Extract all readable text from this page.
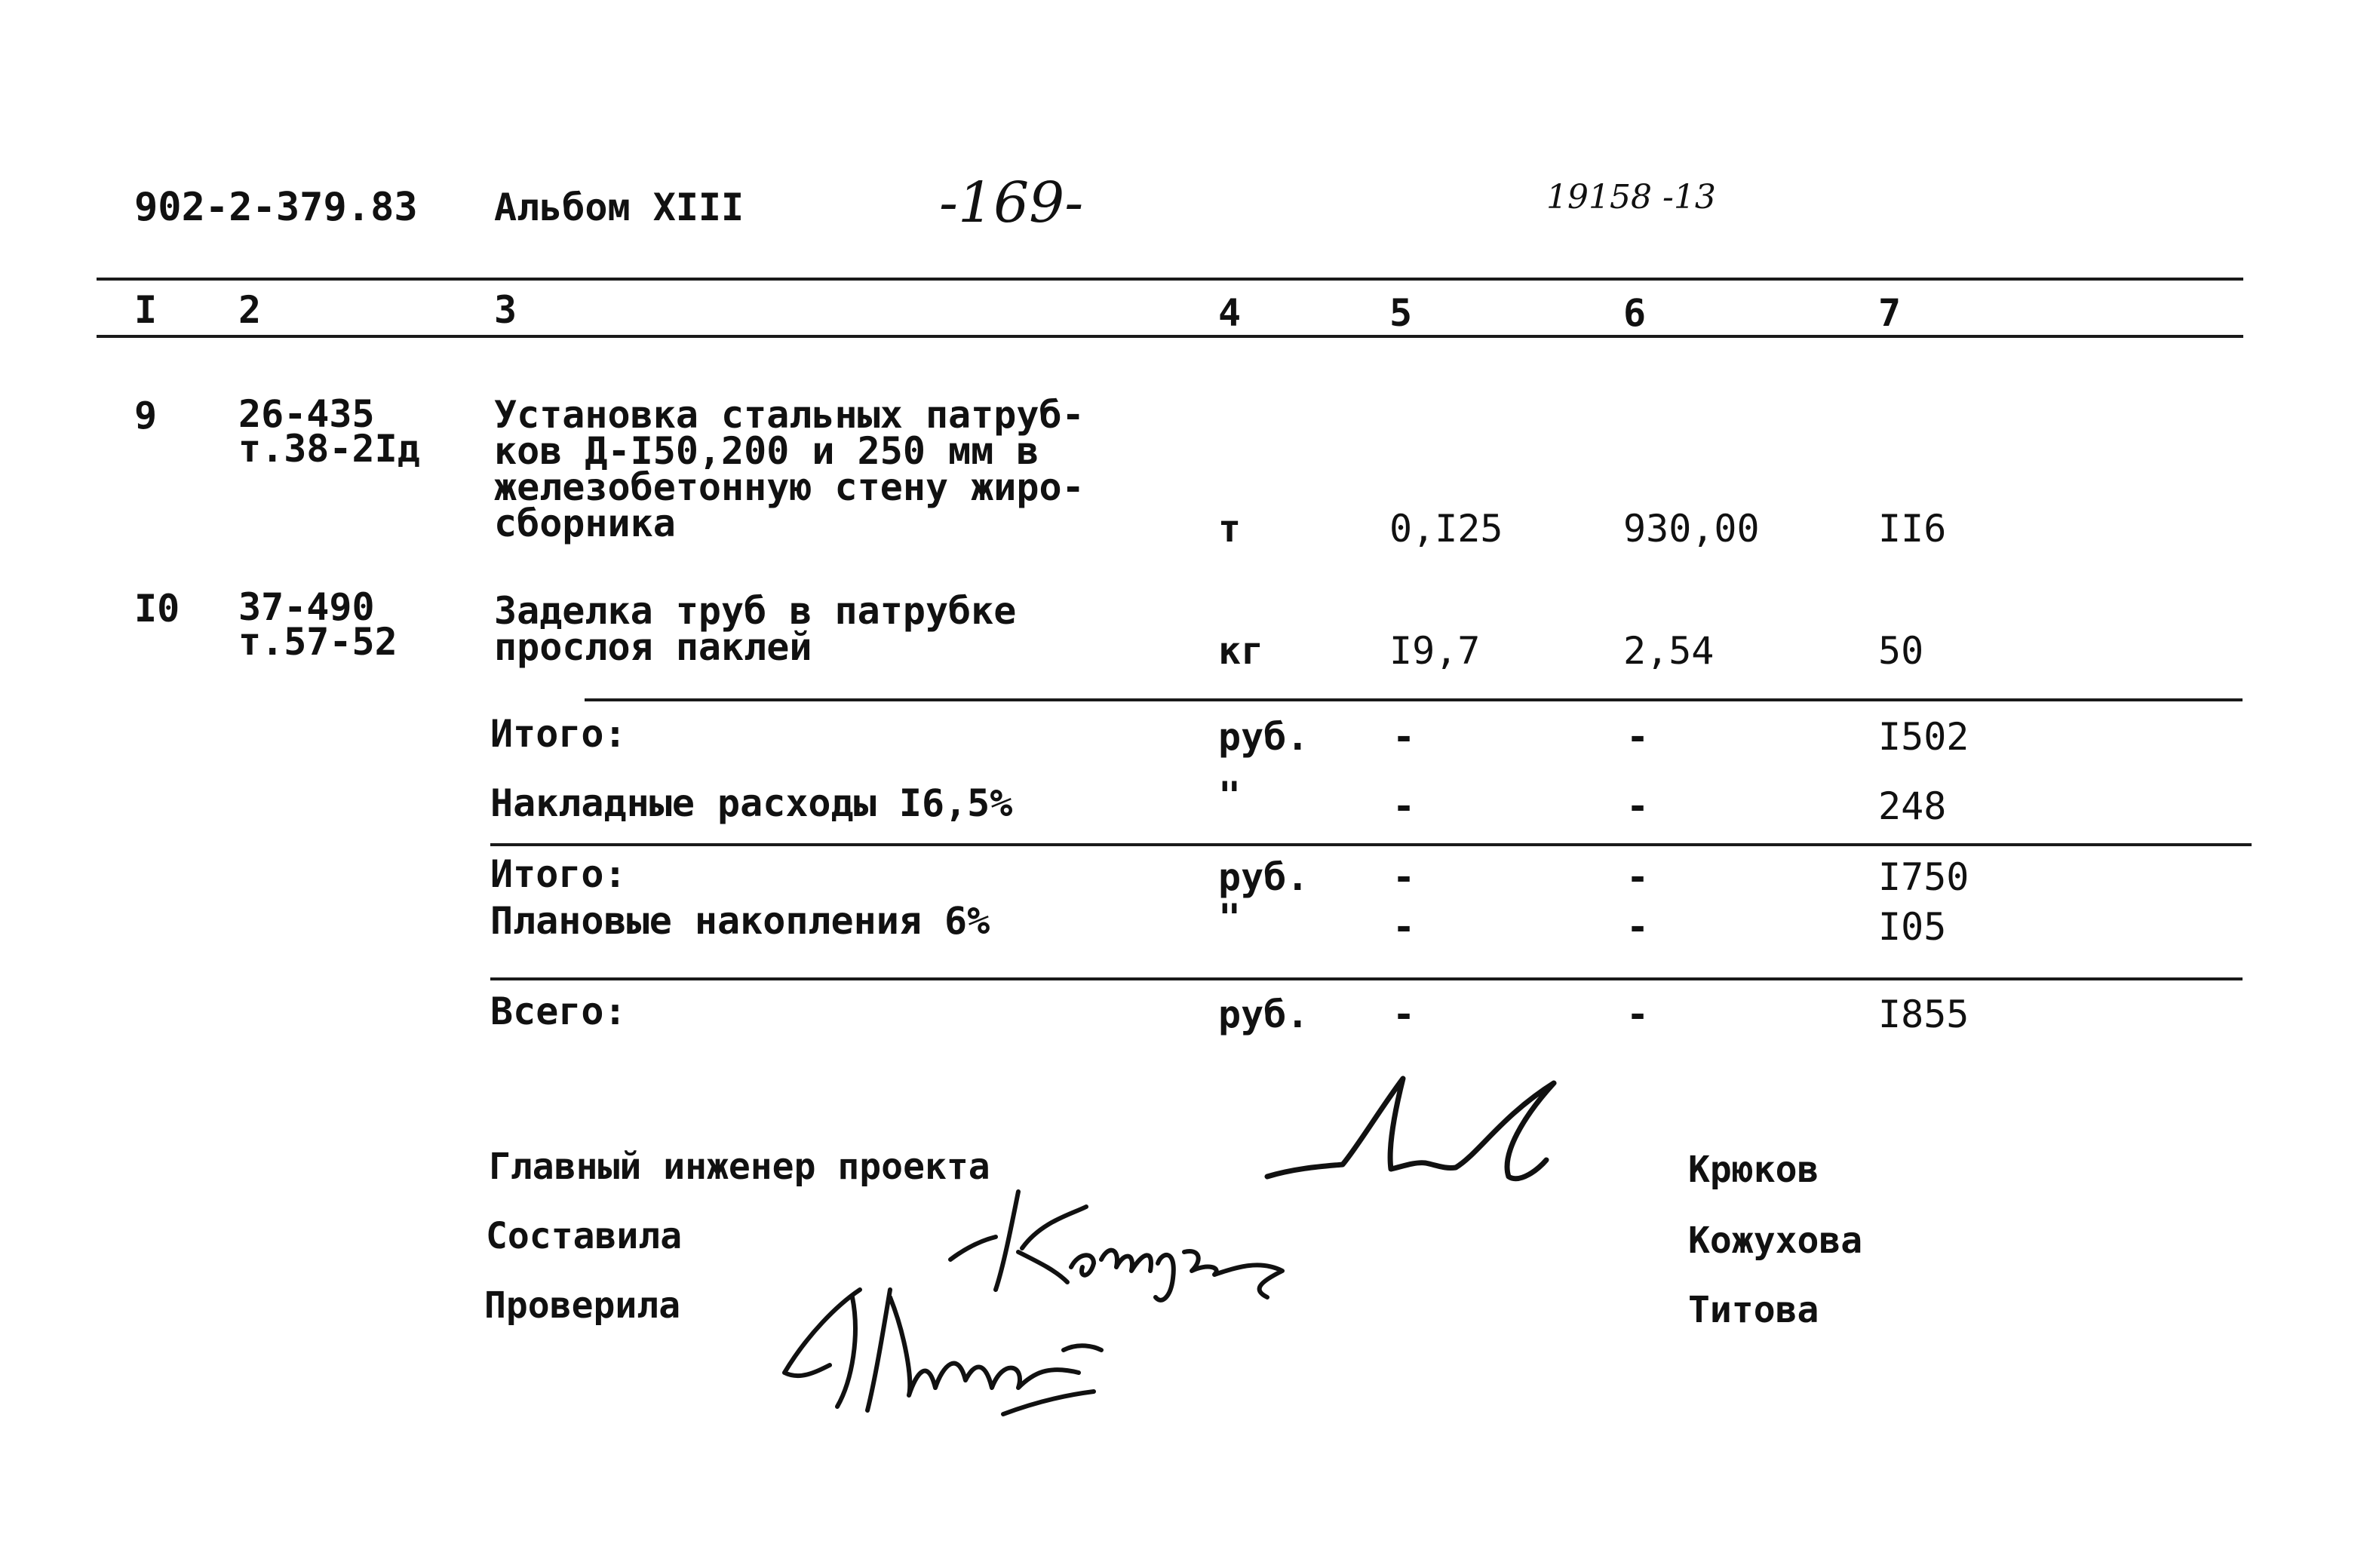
902-2-379.83 Альбом XIII	-169-	19158 -13
I 2	3	4	5	6	7
9 26-435
т.38-2Iд
Установка стальных патруб-
ков Д-I50,200 и 250 мм в
железобетонную стену жиро-
сборника	т	0,I25	930,00	II6
I0 37-490
т.57-52
Заделка труб в патрубке
прослоя паклей	кг	I9,7	2,54	50
Итого:	руб. -	-	I502
Накладные расходы I6,5%	"	-	-	248
Итого:	руб. -	-	I750
Плановые накопления 6%	"	-	-	I05
Всего:	руб. -	-	I855
Главный инженер проекта	Крюков
Составила	Кожухова
Проверила	Титова
